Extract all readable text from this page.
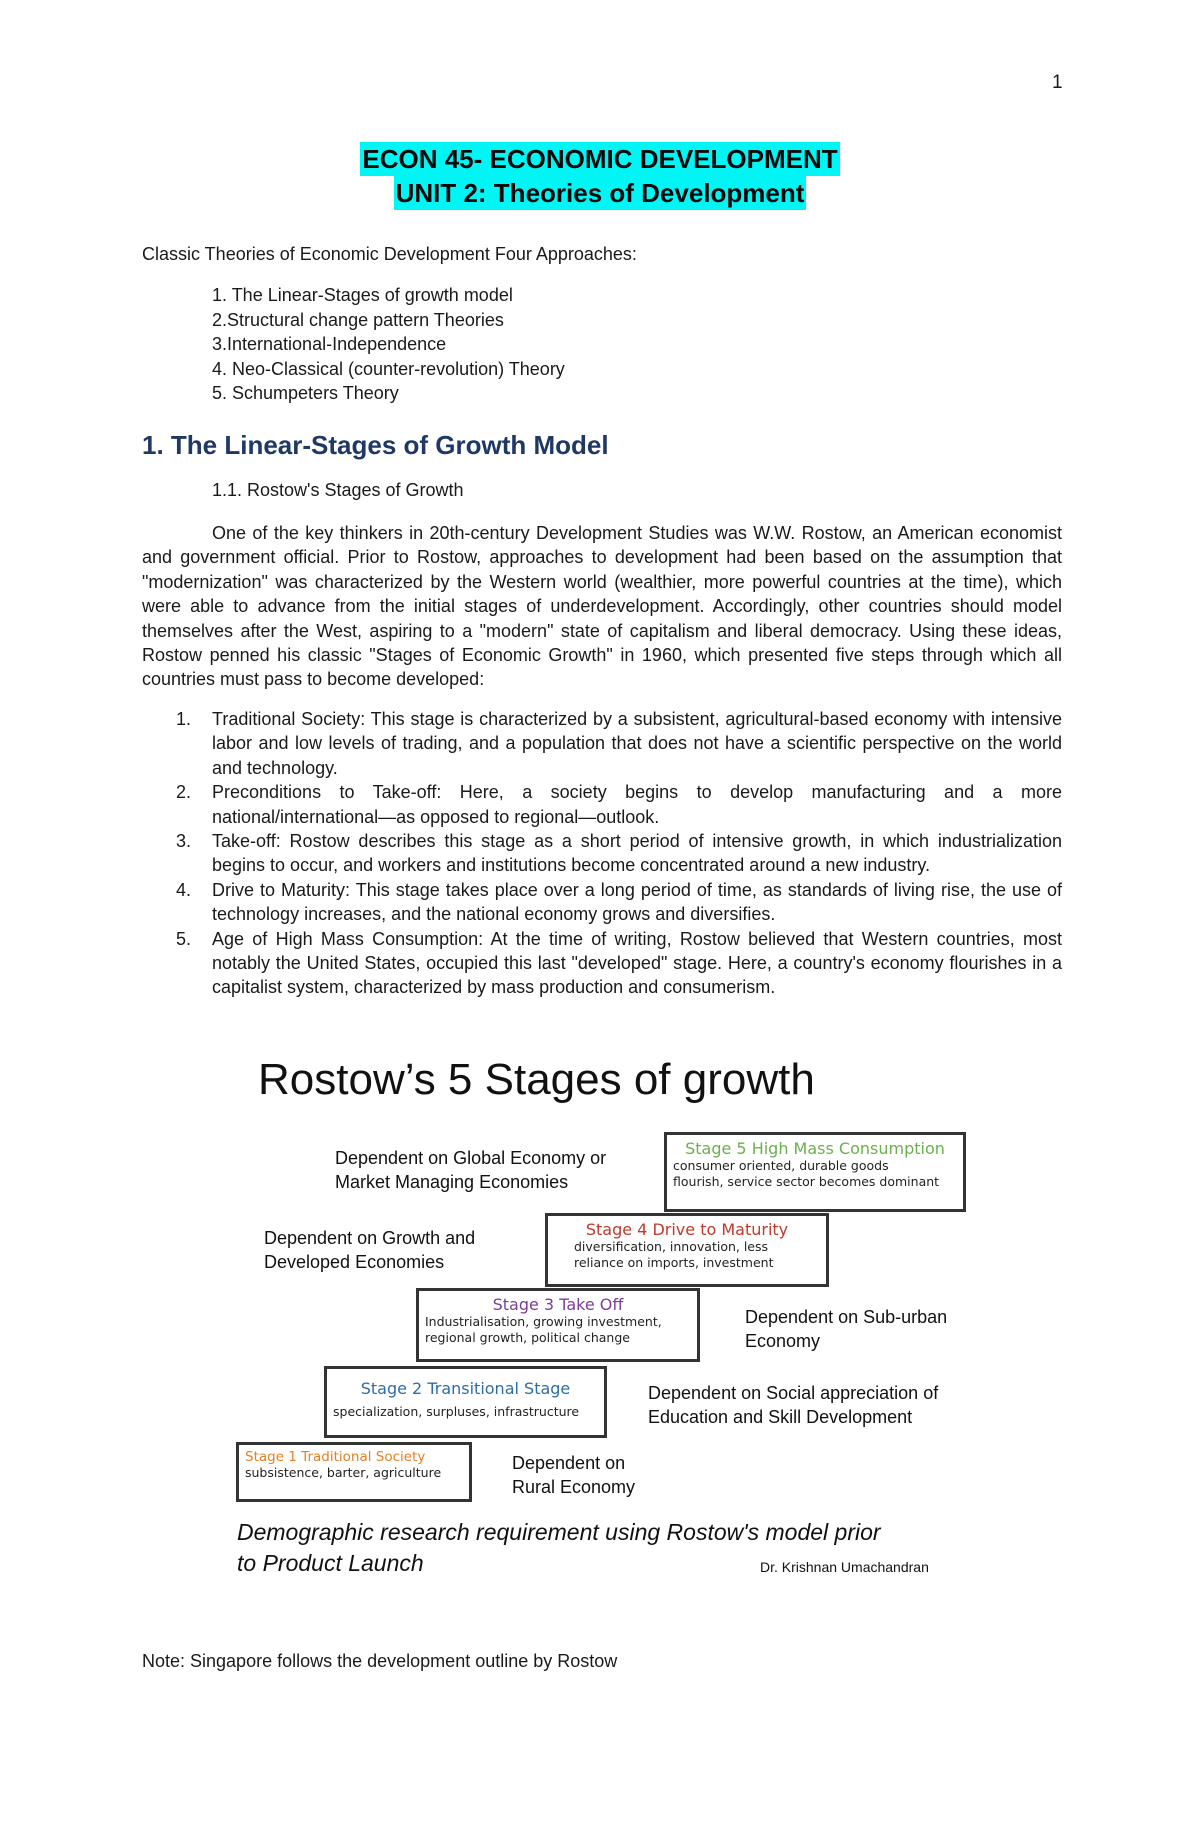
1
ECON 45- ECONOMIC DEVELOPMENT
UNIT 2: Theories of Development
Classic Theories of Economic Development Four Approaches:
1. The Linear-Stages of growth model
2.Structural change pattern Theories
3.International-Independence
4. Neo-Classical (counter-revolution) Theory
5. Schumpeters Theory
1. The Linear-Stages of Growth Model
1.1. Rostow's Stages of Growth

One of the key thinkers in 20th-century Development Studies was W.W. Rostow, an American economist and government official. Prior to Rostow, approaches to development had been based on the assumption that "modernization" was characterized by the Western world (wealthier, more powerful countries at the time), which were able to advance from the initial stages of underdevelopment. Accordingly, other countries should model themselves after the West, aspiring to a "modern" state of capitalism and liberal democracy. Using these ideas, Rostow penned his classic "Stages of Economic Growth" in 1960, which presented five steps through which all countries must pass to become developed:

1. Traditional Society: This stage is characterized by a subsistent, agricultural-based economy with intensive labor and low levels of trading, and a population that does not have a scientific perspective on the world and technology.
2. Preconditions to Take-off: Here, a society begins to develop manufacturing and a more national/international—as opposed to regional—outlook.
3. Take-off: Rostow describes this stage as a short period of intensive growth, in which industrialization begins to occur, and workers and institutions become concentrated around a new industry.
4. Drive to Maturity: This stage takes place over a long period of time, as standards of living rise, the use of technology increases, and the national economy grows and diversifies.
5. Age of High Mass Consumption: At the time of writing, Rostow believed that Western countries, most notably the United States, occupied this last "developed" stage. Here, a country's economy flourishes in a capitalist system, characterized by mass production and consumerism.
Rostow’s 5 Stages of growth
Dependent on Global Economy or
Market Managing Economies
Stage 5 High Mass Consumption
consumer oriented, durable goods
flourish, service sector becomes dominant
Dependent on Growth and
Developed Economies
Stage 4 Drive to Maturity
diversification, innovation, less
reliance on imports, investment
Stage 3 Take Off
Industrialisation, growing investment,
regional growth, political change
Dependent on Sub-urban
Economy
Stage 2 Transitional Stage
specialization, surpluses, infrastructure
Dependent on Social appreciation of
Education and Skill Development
Stage 1 Traditional Society
subsistence, barter, agriculture	Dependent on
Rural Economy
Demographic research requirement using Rostow's model prior
to Product Launch	Dr. Krishnan Umachandran
Note: Singapore follows the development outline by Rostow
